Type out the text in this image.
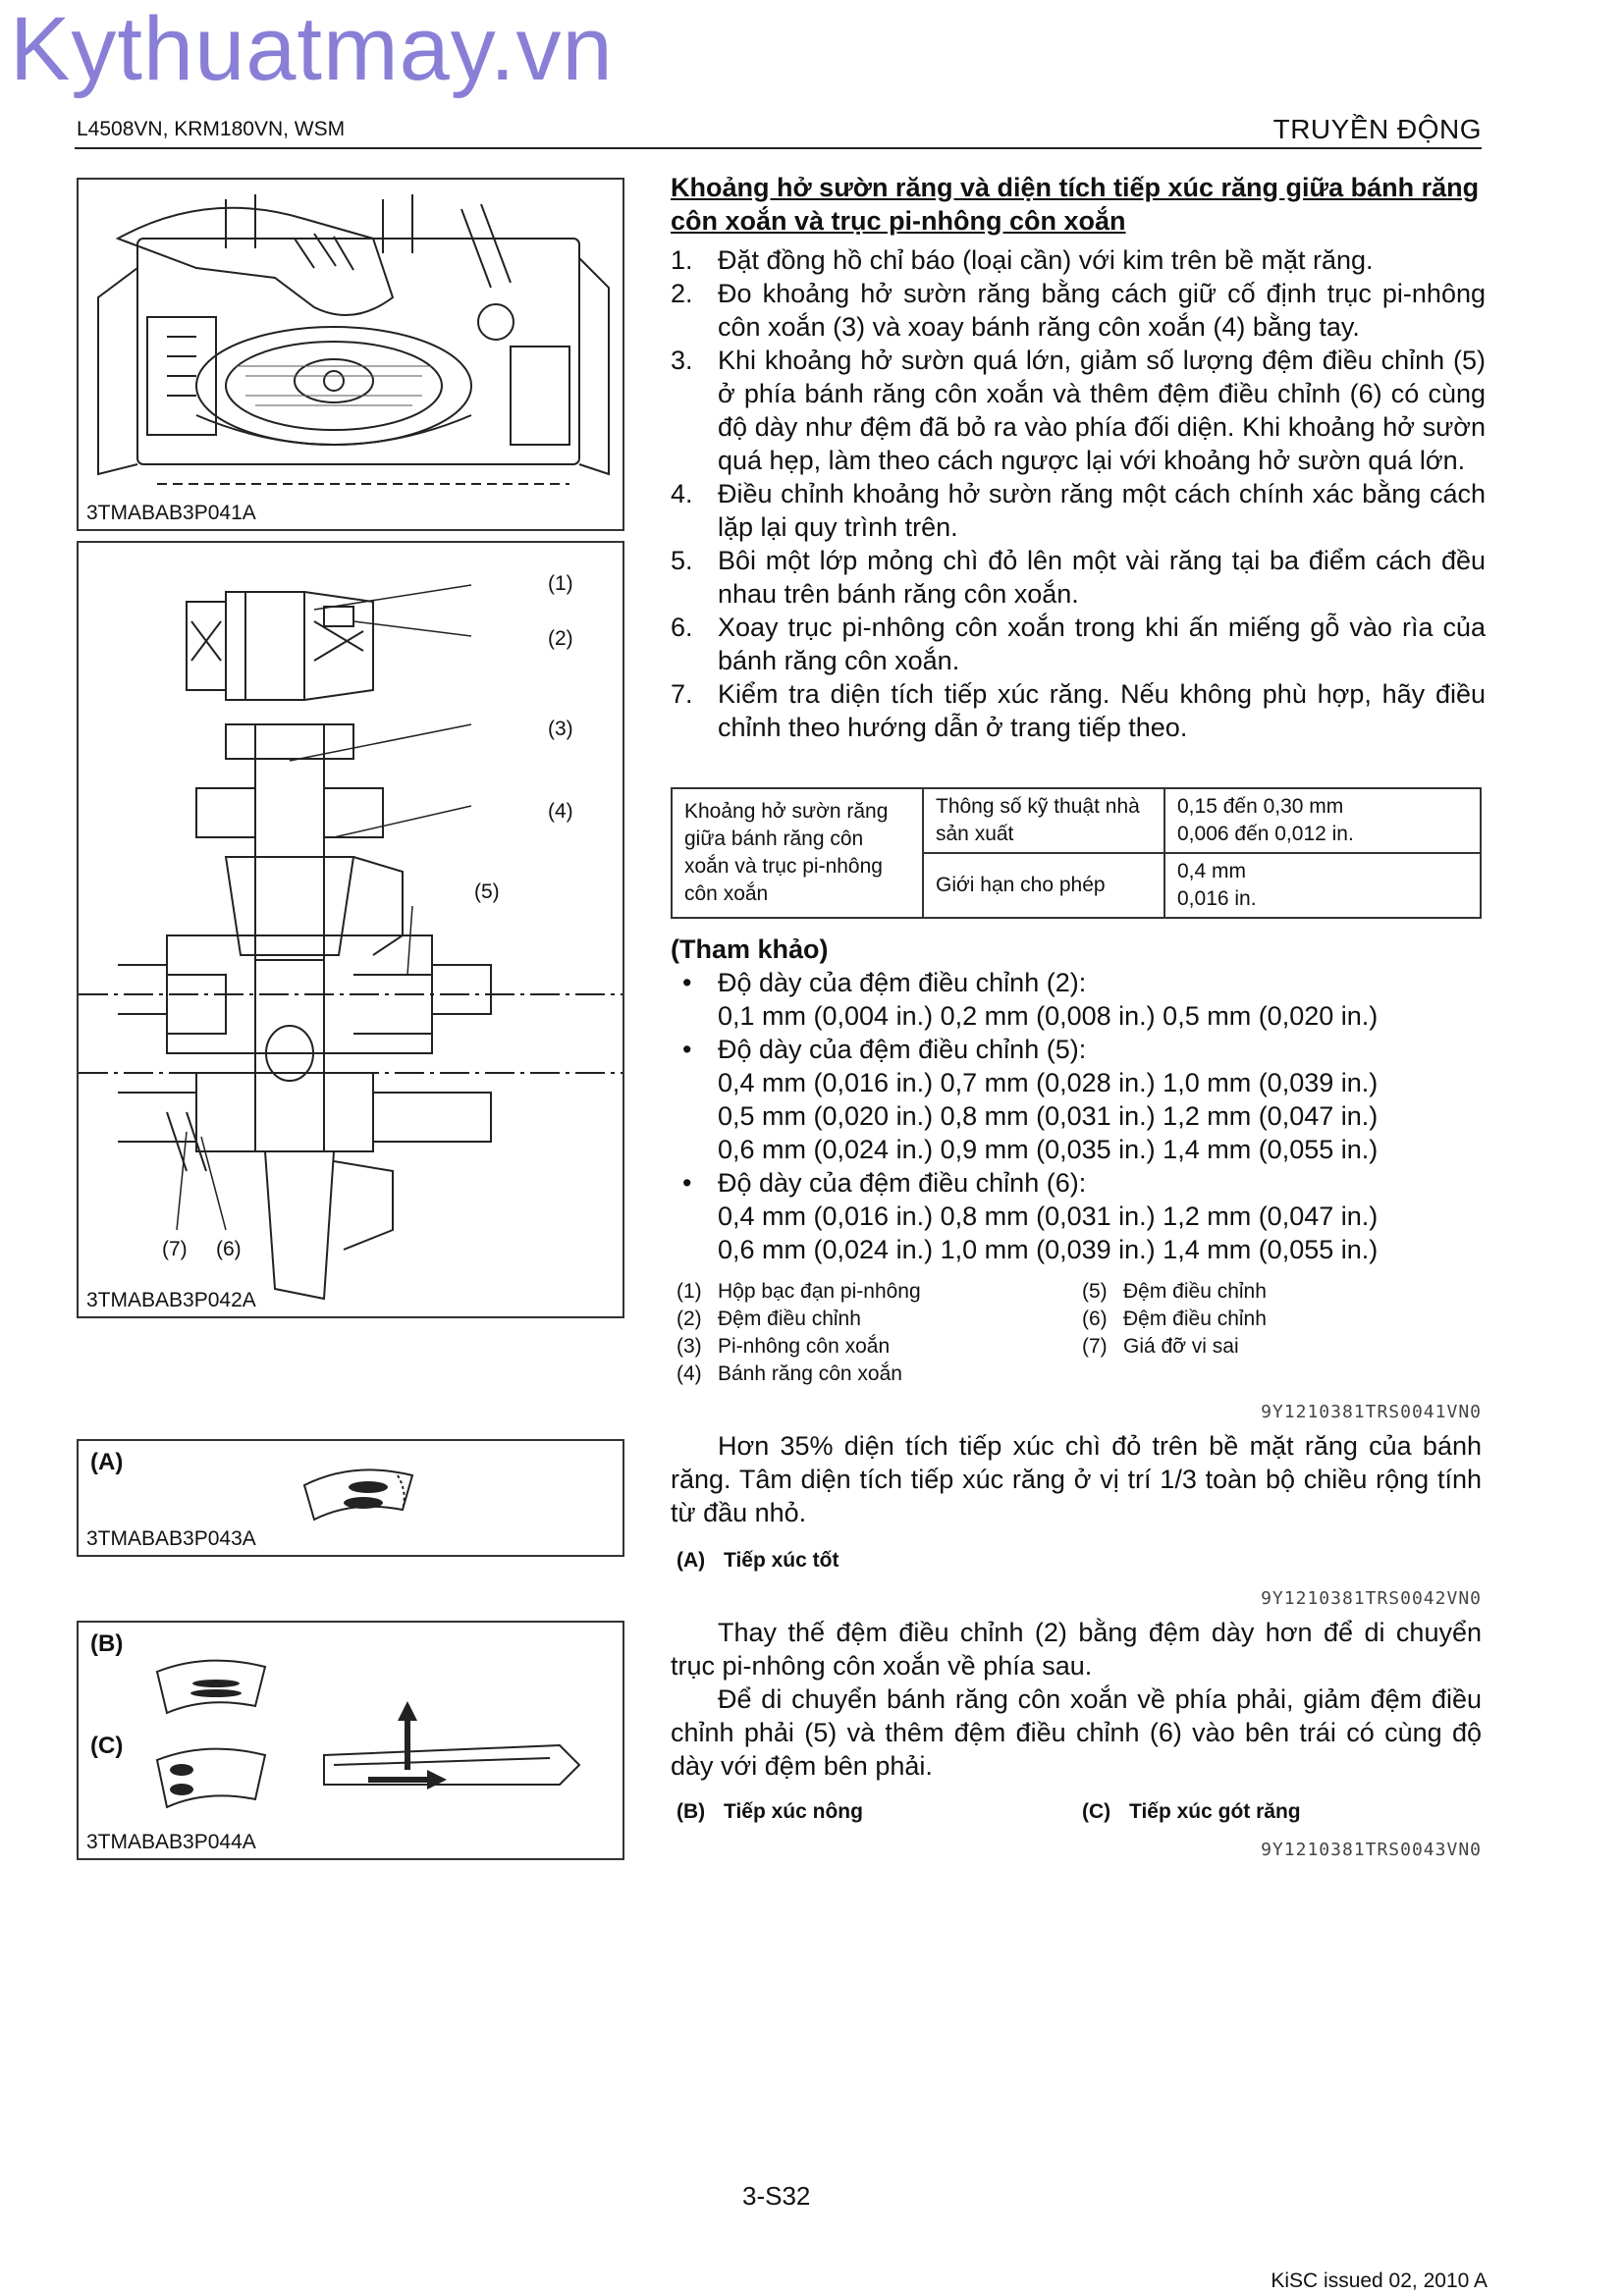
Kythuatmay.vn
L4508VN, KRM180VN, WSM	TRUYỀN ĐỘNG
3TMABAB3P041A
(1)
(2)
(3)
(4)
(5)
(7) (6)
3TMABAB3P042A
(A)
3TMABAB3P043A
(B)
(C)
3TMABAB3P044A
Khoảng hở sườn răng và diện tích tiếp xúc răng giữa bánh răng côn xoắn và trục pi-nhông côn xoắn
1. Đặt đồng hồ chỉ báo (loại cần) với kim trên bề mặt răng.
2. Đo khoảng hở sườn răng bằng cách giữ cố định trục pi-nhông côn xoắn (3) và xoay bánh răng côn xoắn (4) bằng tay.
3. Khi khoảng hở sườn quá lớn, giảm số lượng đệm điều chỉnh (5) ở phía bánh răng côn xoắn và thêm đệm điều chỉnh (6) có cùng độ dày như đệm đã bỏ ra vào phía đối diện. Khi khoảng hở sườn quá hẹp, làm theo cách ngược lại với khoảng hở sườn quá lớn.
4. Điều chỉnh khoảng hở sườn răng một cách chính xác bằng cách lặp lại quy trình trên.
5. Bôi một lớp mỏng chì đỏ lên một vài răng tại ba điểm cách đều nhau trên bánh răng côn xoắn.
6. Xoay trục pi-nhông côn xoắn trong khi ấn miếng gỗ vào rìa của bánh răng côn xoắn.
7. Kiểm tra diện tích tiếp xúc răng. Nếu không phù hợp, hãy điều chỉnh theo hướng dẫn ở trang tiếp theo.
Khoảng hở sườn răng giữa bánh răng côn xoắn và trục pi-nhông côn xoắn	Thông số kỹ thuật nhà sản xuất	0,15 đến 0,30 mm
0,006 đến 0,012 in.

	Giới hạn cho phép	0,4 mm
0,016 in.
(Tham khảo)
• Độ dày của đệm điều chỉnh (2):
0,1 mm (0,004 in.) 0,2 mm (0,008 in.) 0,5 mm (0,020 in.)
• Độ dày của đệm điều chỉnh (5):
0,4 mm (0,016 in.) 0,7 mm (0,028 in.) 1,0 mm (0,039 in.)
0,5 mm (0,020 in.) 0,8 mm (0,031 in.) 1,2 mm (0,047 in.)
0,6 mm (0,024 in.) 0,9 mm (0,035 in.) 1,4 mm (0,055 in.)
• Độ dày của đệm điều chỉnh (6):
0,4 mm (0,016 in.) 0,8 mm (0,031 in.) 1,2 mm (0,047 in.)
0,6 mm (0,024 in.) 1,0 mm (0,039 in.) 1,4 mm (0,055 in.)
(1) Hộp bạc đạn pi-nhông
(2) Đệm điều chỉnh
(3) Pi-nhông côn xoắn
(4) Bánh răng côn xoắn
(5) Đệm điều chỉnh
(6) Đệm điều chỉnh
(7) Giá đỡ vi sai
9Y1210381TRS0041VN0
Hơn 35% diện tích tiếp xúc chì đỏ trên bề mặt răng của bánh răng. Tâm diện tích tiếp xúc răng ở vị trí 1/3 toàn bộ chiều rộng tính từ đầu nhỏ.
(A) Tiếp xúc tốt
9Y1210381TRS0042VN0
Thay thế đệm điều chỉnh (2) bằng đệm dày hơn để di chuyển trục pi-nhông côn xoắn về phía sau.
Để di chuyển bánh răng côn xoắn về phía phải, giảm đệm điều chỉnh phải (5) và thêm đệm điều chỉnh (6) vào bên trái có cùng độ dày với đệm bên phải.
(B) Tiếp xúc nông	(C) Tiếp xúc gót răng
9Y1210381TRS0043VN0
3-S32
KiSC issued 02, 2010 A
